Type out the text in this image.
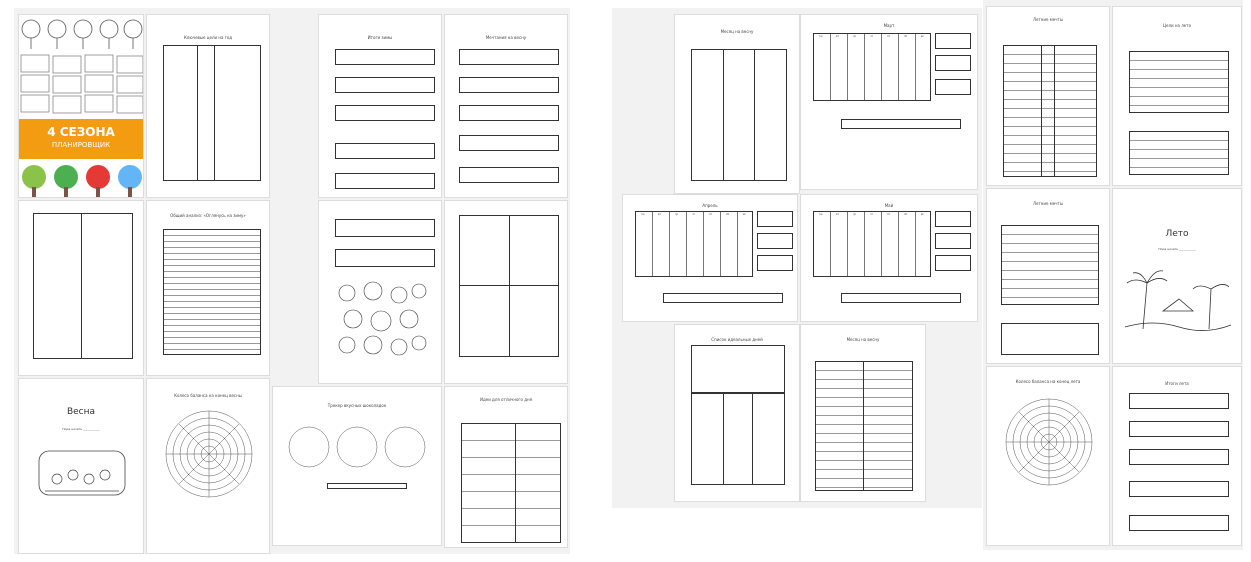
4 СЕЗОНА
ПЛАНИРОВЩИК
Ключевые цели на год
Общий анализ: «Оглянусь на зиму»
Весна
Пора начать ___________
Колесо баланса на конец весны
Итоги зимы	Мечтания на весну
Трекер вкусных шоколадок
Идеи для отличного дня
Месяц на весну
Март
пн	вт	ср	чт	пт	сб	вс
Апрель
пн	вт	ср	чт	пт	сб	вс
Май
пн	вт	ср	чт	пт	сб	вс
Список идеальных дней	Месяц на весну
Летние мечты
Цели на лето
Летние мечты
Лето
Пора начать ___________
Колесо баланса на конец лета	Итоги лета
